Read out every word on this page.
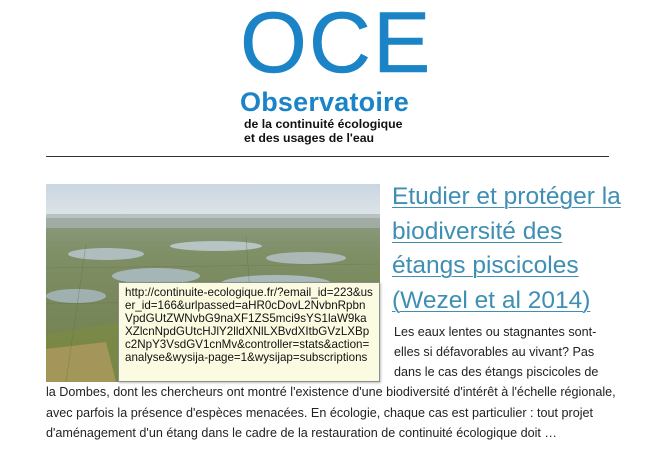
OCE
Observatoire
de la continuité écologique
et des usages de l'eau
Etudier et protéger la biodiversité des étangs piscicoles (Wezel et al 2014)
Les eaux lentes ou stagnantes sont-elles si défavorables au vivant? Pas dans le cas des étangs piscicoles de
la Dombes, dont les chercheurs ont montré l'existence d'une biodiversité d'intérêt à l'échelle régionale, avec parfois la présence d'espèces menacées. En écologie, chaque cas est particulier : tout projet d'aménagement d'un étang dans le cadre de la restauration de continuité écologique doit …
http://continuite-ecologique.fr/?email_id=223&user_id=166&urlpassed=aHR0cDovL2NvbnRpbnVpdGUtZWNvbG9naXF1ZS5mci9sYS1laW9kaXZlcnNpdGUtcHJlY2lldXNlLXBvdXItbGVzLXBpc2NpY3VsdGV1cnMv&controller=stats&action=analyse&wysija-page=1&wysijap=subscriptions
